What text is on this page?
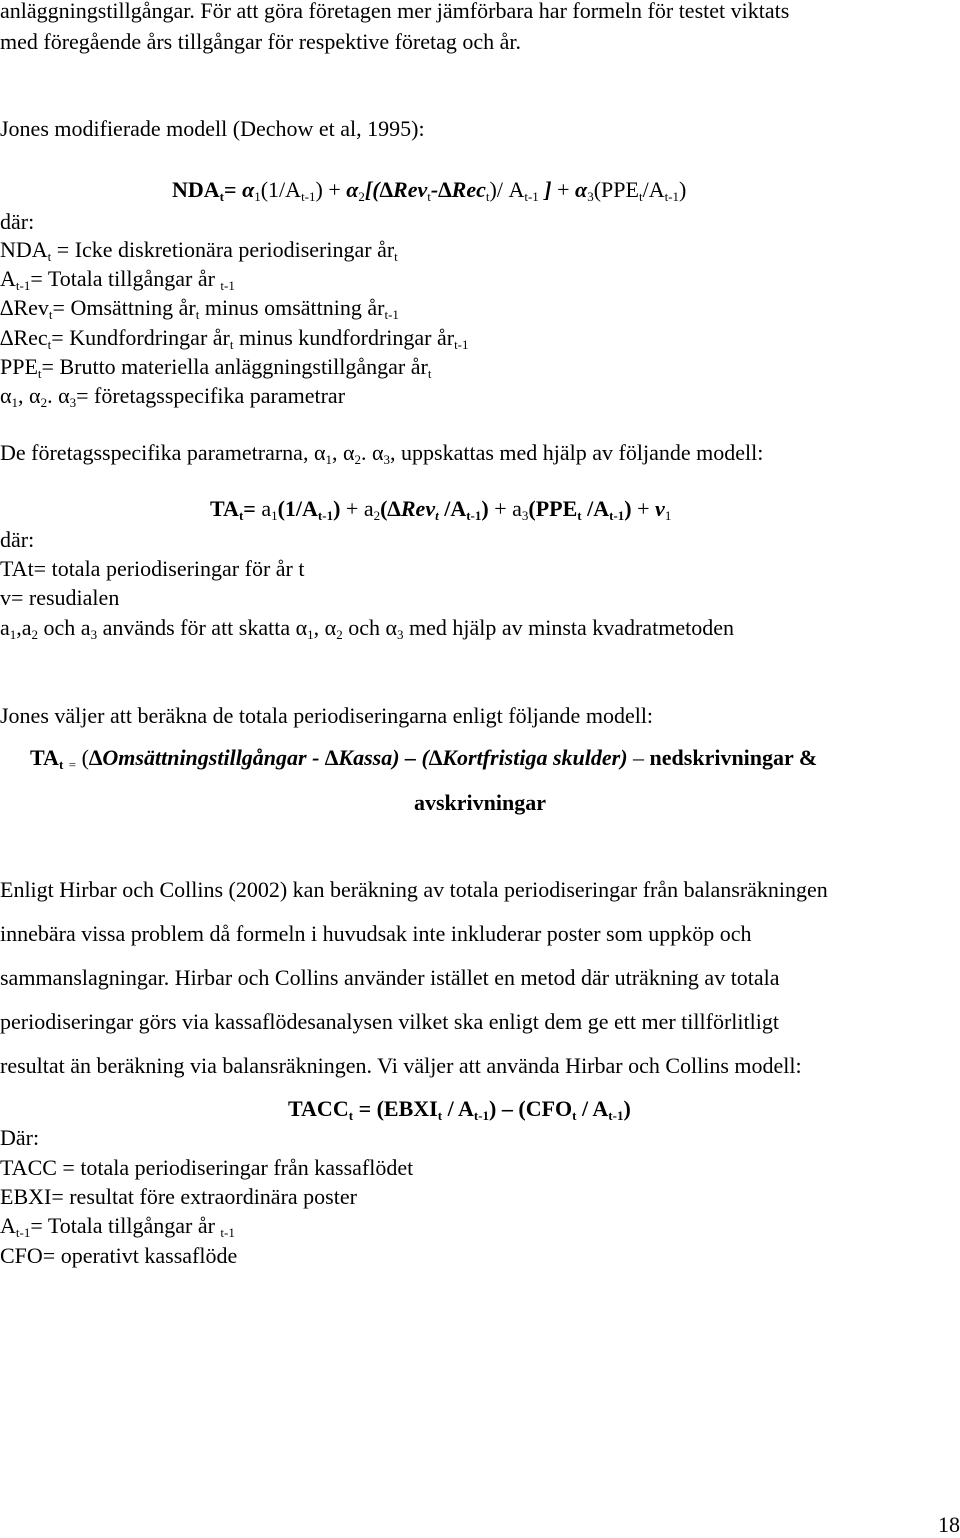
anläggningstillgångar. För att göra företagen mer jämförbara har formeln för testet viktats
med föregående års tillgångar för respektive företag och år.
Jones modifierade modell (Dechow et al, 1995):
$NDA_t= \alpha_1(1/A_{t-1}) + \alpha_2[(\Delta Rev_t-\Delta Rec_t)/$ $A_{t-1}$ ] + $\alpha_3(PPE_t/A_{t-1})$
där:
$NDA_t$ = Icke diskretionära periodiseringar $år_t$
$A_{t-1}=$ Totala tillgångar år $_{t-1}$
∆Rev$_t$= Omsättning $år_t$ minus omsättning $år_{t-1}$
∆Rec$_t$= Kundfordringar $år_t$ minus kundfordringar $år_{t-1}$
$PPE_t=$ Brutto materiella anläggningstillgångar $år_t$
$\alpha_1$, $\alpha_2$. $\alpha_3=$ företagsspecifika parametrar
De företagsspecifika parametrarna, $\alpha_1$, $\alpha_2$. $\alpha_3$, uppskattas med hjälp av följande modell:
$TA_t= a_1(1/A_{t-1}) + a_2(\Delta Rev_t$ $/A_{t-1}) + a_3(PPE_t$ $/A_{t-1}) + v_1$
där:
TAt= totala periodiseringar för år t
v= resudialen
$a_1,a_2$ och $a_3$ används för att skatta $\alpha_1$, $\alpha_2$ och $\alpha_3$ med hjälp av minsta kvadratmetoden
Jones väljer att beräkna de totala periodiseringarna enligt följande modell:
$TA_t$ $_=$ (∆Omsättningstillgångar - ∆Kassa) – (∆Kortfristiga skulder) – nedskrivningar &
avskrivningar
Enligt Hirbar och Collins (2002) kan beräkning av totala periodiseringar från balansräkningen
innebära vissa problem då formeln i huvudsak inte inkluderar poster som uppköp och
sammanslagningar. Hirbar och Collins använder istället en metod där uträkning av totala
periodiseringar görs via kassaflödesanalysen vilket ska enligt dem ge ett mer tillförlitligt
resultat än beräkning via balansräkningen. Vi väljer att använda Hirbar och Collins modell:
$TACC_t$ = $(EBXI_t / A_{t-1}) - (CFO_t / A_{t-1})$
Där:
TACC = totala periodiseringar från kassaflödet
EBXI= resultat före extraordinära poster
$A_{t-1}=$ Totala tillgångar år $_{t-1}$
CFO= operativt kassaflöde
18
